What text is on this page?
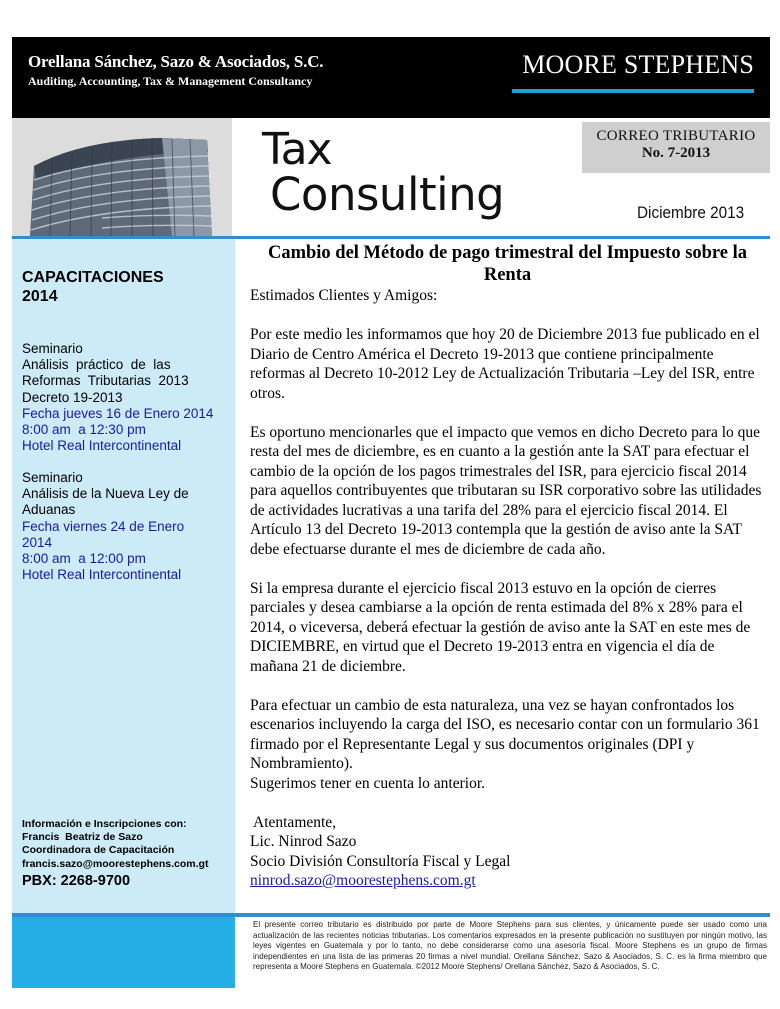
Orellana Sánchez, Sazo & Asociados, S.C.
Auditing, Accounting, Tax & Management Consultancy
MOORE STEPHENS
Tax
Consulting
CORREO TRIBUTARIO
No. 7-2013
Diciembre 2013
CAPACITACIONES
2014
Seminario
Análisis  práctico  de  las
Reformas  Tributarias  2013
Decreto 19-2013
Fecha jueves 16 de Enero 2014
8:00 am  a 12:30 pm
Hotel Real Intercontinental
Seminario
Análisis de la Nueva Ley de
Aduanas
Fecha viernes 24 de Enero
2014
8:00 am  a 12:00 pm
Hotel Real Intercontinental
Información e Inscripciones con:
Francis  Beatriz de Sazo
Coordinadora de Capacitación
francis.sazo@moorestephens.com.gt
PBX: 2268-9700
Cambio del Método de pago trimestral del Impuesto sobre la Renta

Estimados Clientes y Amigos:

Por este medio les informamos que hoy 20 de Diciembre 2013 fue publicado en el Diario de Centro América el Decreto 19-2013 que contiene principalmente reformas al Decreto 10-2012 Ley de Actualización Tributaria –Ley del ISR, entre otros.

Es oportuno mencionarles que el impacto que vemos en dicho Decreto para lo que resta del mes de diciembre, es en cuanto a la gestión ante la SAT para efectuar el cambio de la opción de los pagos trimestrales del ISR, para ejercicio fiscal 2014 para aquellos contribuyentes que tributaran su ISR corporativo sobre las utilidades de actividades lucrativas a una tarifa del 28% para el ejercicio fiscal 2014. El Artículo 13 del Decreto 19-2013 contempla que la gestión de aviso ante la SAT debe efectuarse durante el mes de diciembre de cada año.

Si la empresa durante el ejercicio fiscal 2013 estuvo en la opción de cierres parciales y desea cambiarse a la opción de renta estimada del 8% x 28% para el 2014, o viceversa, deberá efectuar la gestión de aviso ante la SAT en este mes de DICIEMBRE, en virtud que el Decreto 19-2013 entra en vigencia el día de mañana 21 de diciembre.

Para efectuar un cambio de esta naturaleza, una vez se hayan confrontados los escenarios incluyendo la carga del ISO, es necesario contar con un formulario 361 firmado por el Representante Legal y sus documentos originales (DPI y Nombramiento).

Sugerimos tener en cuenta lo anterior.

Atentamente,
Lic. Ninrod Sazo
Socio División Consultoría Fiscal y Legal
ninrod.sazo@moorestephens.com.gt

El presente correo tributario es distribuido por parte de Moore Stephens para sus clientes, y únicamente puede ser usado como una actualización de las recientes noticias tributarias. Los comentarios expresados en la presente publicación no sustituyen por ningún motivo, las leyes vigentes en Guatemala y por lo tanto, no debe considerarse como una asesoría fiscal. Moore Stephens es un grupo de firmas independientes en una lista de las primeras 20 firmas a nivel mundial. Orellana Sánchez, Sazo & Asociados, S. C. es la firma miembro que representa a Moore Stephens en Guatemala. ©2012 Moore Stephens/ Orellana Sánchez, Sazo & Asociados, S. C.
